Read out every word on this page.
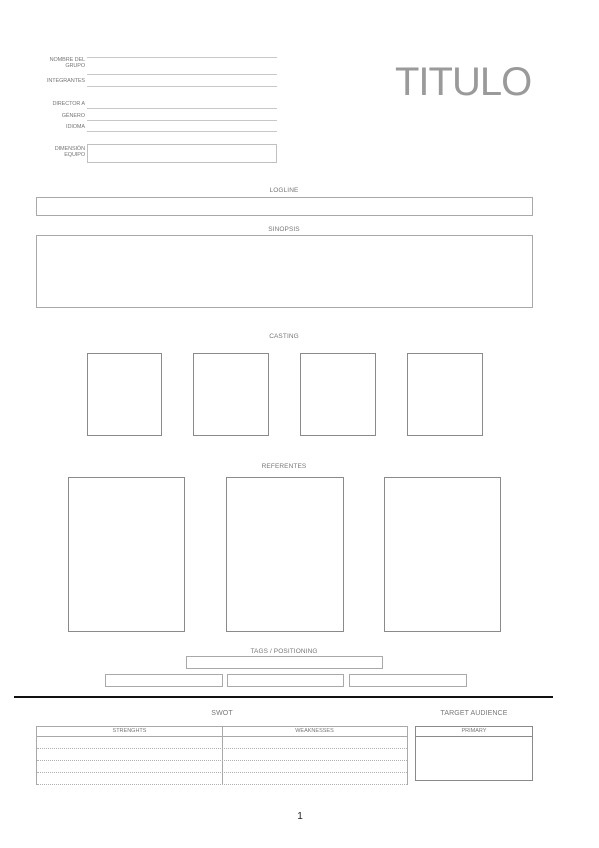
NOMBRE DEL
GRUPO
INTEGRANTES
DIRECTOR A
GÉNERO
IDIOMA
DIMENSIÓN
EQUIPO
TITULO
LOGLINE
SINOPSIS
CASTING
REFERENTES
TAGS / POSITIONING
SWOT
STRENGHTS	WEAKNESSES
TARGET AUDIENCE
PRIMARY
1
